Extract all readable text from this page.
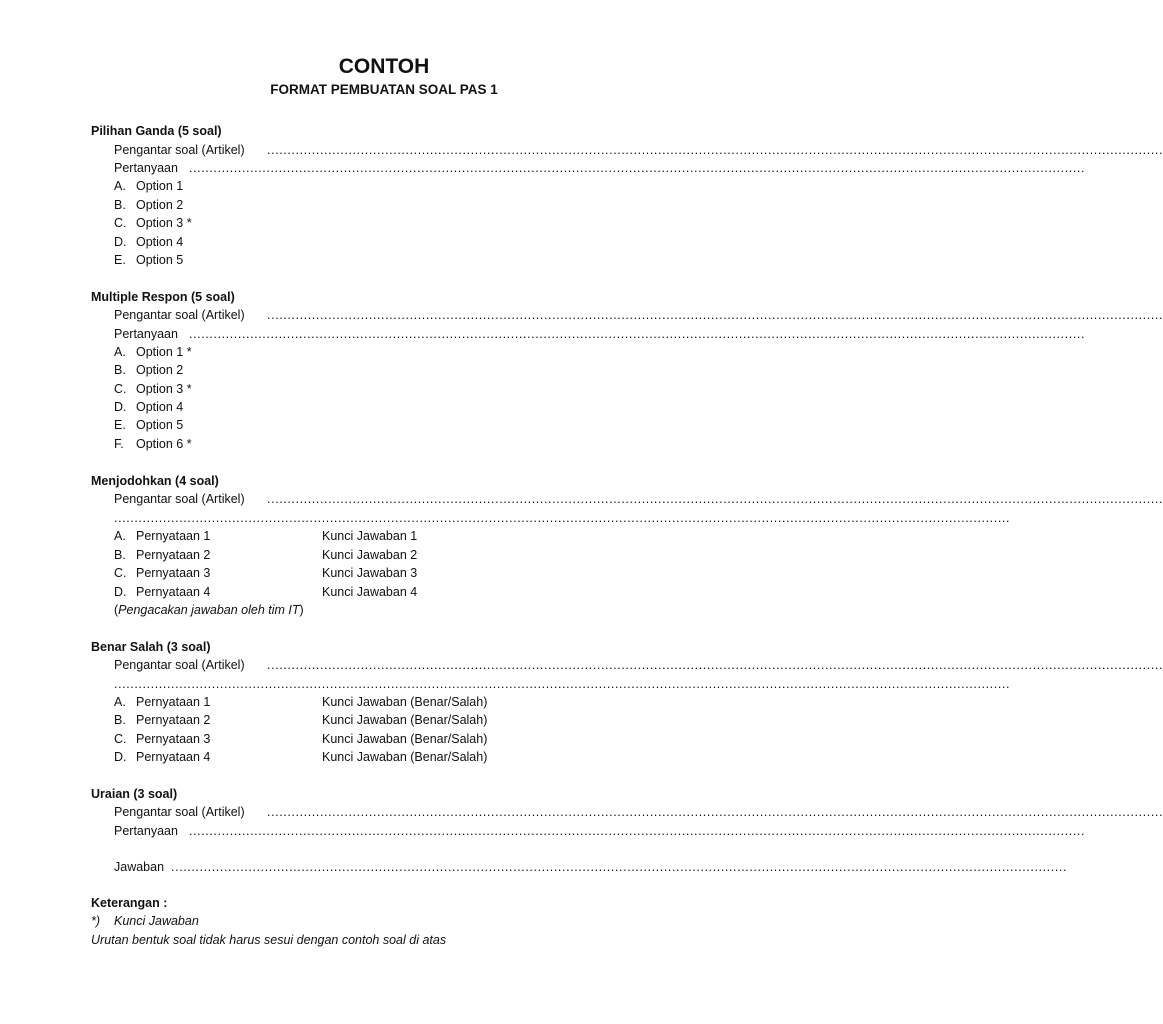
CONTOH
FORMAT PEMBUATAN SOAL PAS 1
Pilihan Ganda (5 soal)
Pengantar soal (Artikel) ............................................................................................................................................................................................................................
Pertanyaan ............................................................................................................................................................................................................................
A. Option 1
B. Option 2
C. Option 3 *
D. Option 4
E. Option 5
Multiple Respon (5 soal)
Pengantar soal (Artikel) ............................................................................................................................................................................................................................
Pertanyaan ............................................................................................................................................................................................................................
A. Option 1 *
B. Option 2
C. Option 3 *
D. Option 4
E. Option 5
F. Option 6 *
Menjodohkan (4 soal)
Pengantar soal (Artikel) ............................................................................................................................................................................................................................
............................................................................................................................................................................................................................
A. Pernyataan 1	Kunci Jawaban 1
B. Pernyataan 2	Kunci Jawaban 2
C. Pernyataan 3	Kunci Jawaban 3
D. Pernyataan 4	Kunci Jawaban 4
(Pengacakan jawaban oleh tim IT)
Benar Salah (3 soal)
Pengantar soal (Artikel) ............................................................................................................................................................................................................................
............................................................................................................................................................................................................................
A. Pernyataan 1	Kunci Jawaban (Benar/Salah)
B. Pernyataan 2	Kunci Jawaban (Benar/Salah)
C. Pernyataan 3	Kunci Jawaban (Benar/Salah)
D. Pernyataan 4	Kunci Jawaban (Benar/Salah)
Uraian (3 soal)
Pengantar soal (Artikel) ............................................................................................................................................................................................................................
Pertanyaan ............................................................................................................................................................................................................................
Jawaban ............................................................................................................................................................................................................................
Keterangan :
*) Kunci Jawaban
Urutan bentuk soal tidak harus sesui dengan contoh soal di atas
